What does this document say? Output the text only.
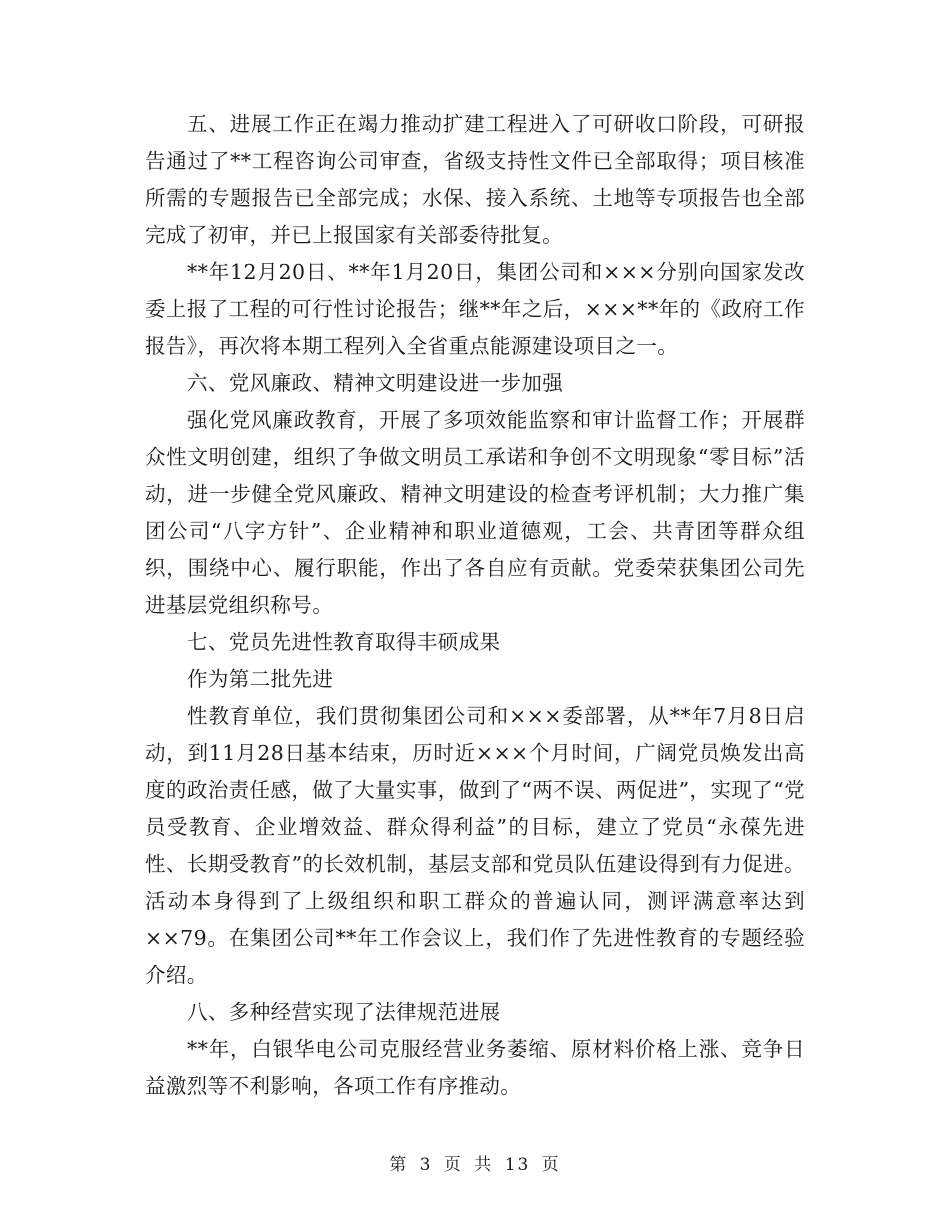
五、进展工作正在竭力推动扩建工程进入了可研收口阶段，可研报告通过了**工程咨询公司审查，省级支持性文件已全部取得；项目核准所需的专题报告已全部完成；水保、接入系统、土地等专项报告也全部完成了初审，并已上报国家有关部委待批复。

**年12月20日、**年1月20日，集团公司和×××分别向国家发改委上报了工程的可行性讨论报告；继**年之后，×××**年的《政府工作报告》，再次将本期工程列入全省重点能源建设项目之一。

六、党风廉政、精神文明建设进一步加强

强化党风廉政教育，开展了多项效能监察和审计监督工作；开展群众性文明创建，组织了争做文明员工承诺和争创不文明现象“零目标”活动，进一步健全党风廉政、精神文明建设的检查考评机制；大力推广集团公司“八字方针”、企业精神和职业道德观，工会、共青团等群众组织，围绕中心、履行职能，作出了各自应有贡献。党委荣获集团公司先进基层党组织称号。

七、党员先进性教育取得丰硕成果

作为第二批先进

性教育单位，我们贯彻集团公司和×××委部署，从**年7月8日启动，到11月28日基本结束，历时近×××个月时间，广阔党员焕发出高度的政治责任感，做了大量实事，做到了“两不误、两促进”，实现了“党员受教育、企业增效益、群众得利益”的目标，建立了党员“永葆先进性、长期受教育”的长效机制，基层支部和党员队伍建设得到有力促进。活动本身得到了上级组织和职工群众的普遍认同，测评满意率达到××79。在集团公司**年工作会议上，我们作了先进性教育的专题经验介绍。

八、多种经营实现了法律规范进展

**年，白银华电公司克服经营业务萎缩、原材料价格上涨、竞争日益激烈等不利影响，各项工作有序推动。

第 3 页 共 13 页
